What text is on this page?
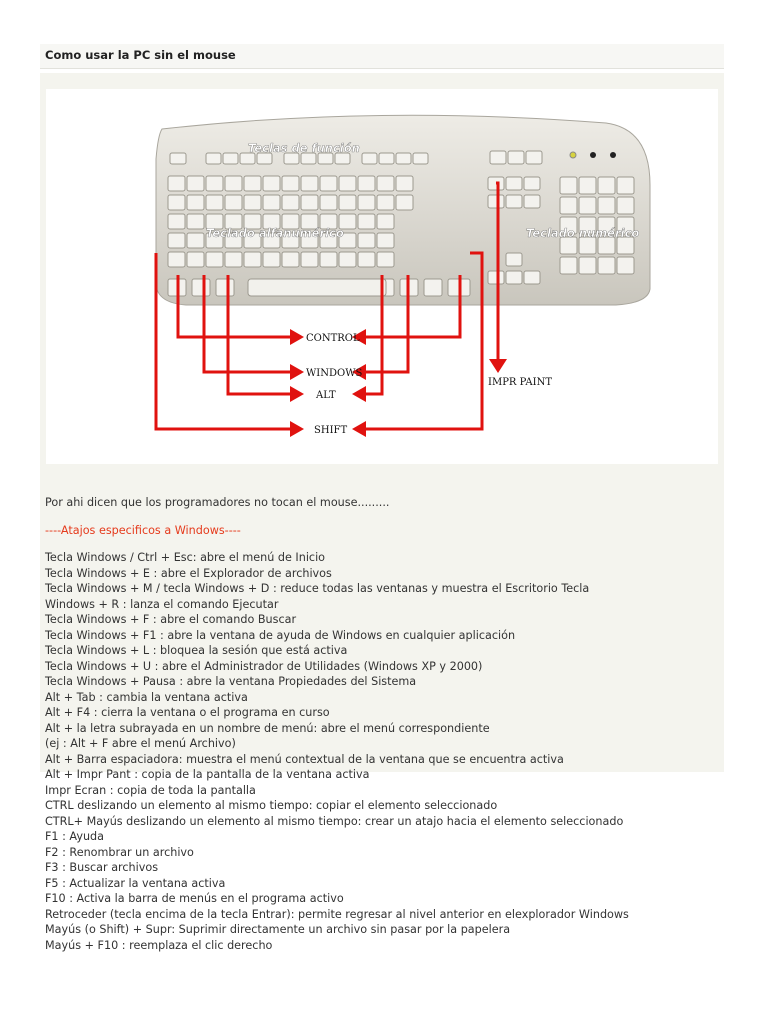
Como usar la PC sin el mouse
Teclas de función
Teclado alfanumérico	Teclado numérico
CONTROL
WINDOWS
ALT
SHIFT
IMPR PAINT

Por ahi dicen que los programadores no tocan el mouse.........

----Atajos especificos a Windows----

Tecla Windows / Ctrl + Esc: abre el menú de Inicio
Tecla Windows + E : abre el Explorador de archivos
Tecla Windows + M / tecla Windows + D : reduce todas las ventanas y muestra el Escritorio Tecla
Windows + R : lanza el comando Ejecutar
Tecla Windows + F : abre el comando Buscar
Tecla Windows + F1 : abre la ventana de ayuda de Windows en cualquier aplicación
Tecla Windows + L : bloquea la sesión que está activa
Tecla Windows + U : abre el Administrador de Utilidades (Windows XP y 2000)
Tecla Windows + Pausa : abre la ventana Propiedades del Sistema
Alt + Tab : cambia la ventana activa
Alt + F4 : cierra la ventana o el programa en curso
Alt + la letra subrayada en un nombre de menú: abre el menú correspondiente
(ej : Alt + F abre el menú Archivo)
Alt + Barra espaciadora: muestra el menú contextual de la ventana que se encuentra activa
Alt + Impr Pant : copia de la pantalla de la ventana activa
Impr Ecran : copia de toda la pantalla
CTRL deslizando un elemento al mismo tiempo: copiar el elemento seleccionado
CTRL+ Mayús deslizando un elemento al mismo tiempo: crear un atajo hacia el elemento seleccionado
F1 : Ayuda
F2 : Renombrar un archivo
F3 : Buscar archivos
F5 : Actualizar la ventana activa
F10 : Activa la barra de menús en el programa activo
Retroceder (tecla encima de la tecla Entrar): permite regresar al nivel anterior en elexplorador Windows
Mayús (o Shift) + Supr: Suprimir directamente un archivo sin pasar por la papelera
Mayús + F10 : reemplaza el clic derecho
